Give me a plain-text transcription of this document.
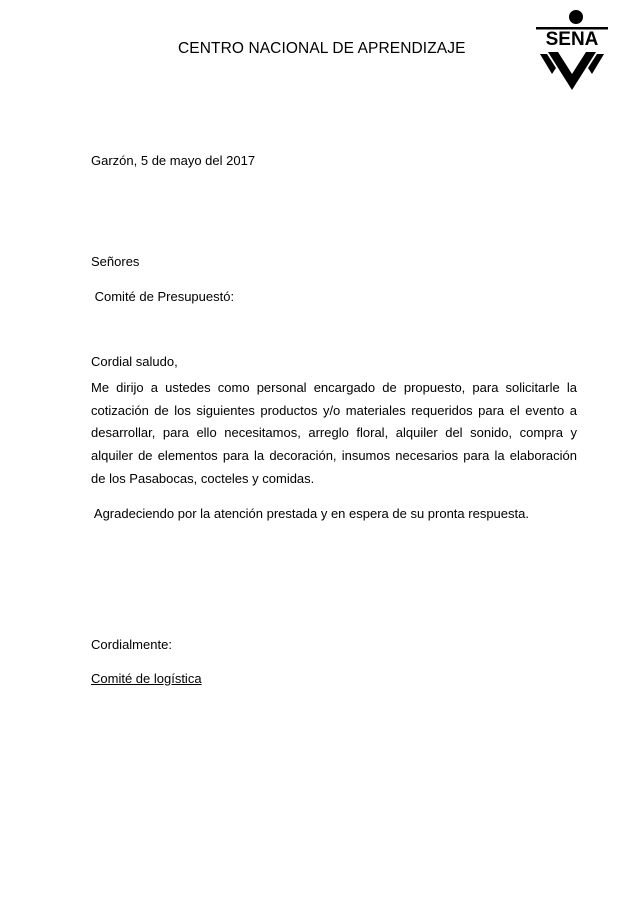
CENTRO NACIONAL DE APRENDIZAJE	SENA
Garzón, 5 de mayo del 2017
Señores
Comité de Presupuestó:
Cordial saludo,
Me dirijo a ustedes como personal encargado de propuesto, para solicitarle la cotización de los siguientes productos y/o materiales requeridos para el evento a desarrollar, para ello necesitamos, arreglo floral, alquiler del sonido, compra y alquiler de elementos para la decoración, insumos necesarios para la elaboración de los Pasabocas, cocteles y comidas.
Agradeciendo por la atención prestada y en espera de su pronta respuesta.
Cordialmente:
Comité de logística
